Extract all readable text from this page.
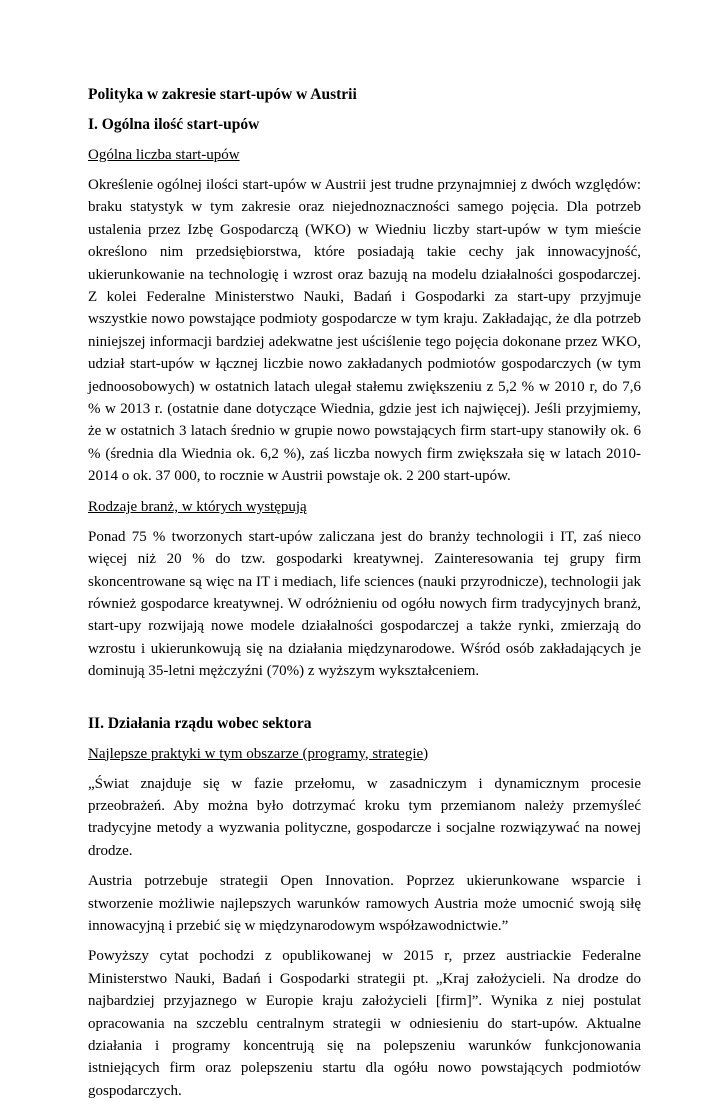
Polityka w zakresie start-upów w Austrii
I. Ogólna ilość start-upów
Ogólna liczba start-upów

Określenie ogólnej ilości start-upów w Austrii jest trudne przynajmniej z dwóch względów: braku statystyk w tym zakresie oraz niejednoznaczności samego pojęcia. Dla potrzeb ustalenia przez Izbę Gospodarczą (WKO) w Wiedniu liczby start-upów w tym mieście określono nim przedsiębiorstwa, które posiadają takie cechy jak innowacyjność, ukierunkowanie na technologię i wzrost oraz bazują na modelu działalności gospodarczej. Z kolei Federalne Ministerstwo Nauki, Badań i Gospodarki za start-upy przyjmuje wszystkie nowo powstające podmioty gospodarcze w tym kraju. Zakładając, że dla potrzeb niniejszej informacji bardziej adekwatne jest uściślenie tego pojęcia dokonane przez WKO, udział start-upów w łącznej liczbie nowo zakładanych podmiotów gospodarczych (w tym jednoosobowych) w ostatnich latach ulegał stałemu zwiększeniu z 5,2 % w 2010 r, do 7,6 % w 2013 r. (ostatnie dane dotyczące Wiednia, gdzie jest ich najwięcej). Jeśli przyjmiemy, że w ostatnich 3 latach średnio w grupie nowo powstających firm start-upy stanowiły ok. 6 % (średnia dla Wiednia ok. 6,2 %), zaś liczba nowych firm zwiększała się w latach 2010-2014 o ok. 37 000, to rocznie w Austrii powstaje ok. 2 200 start-upów.

Rodzaje branż, w których występują

Ponad 75 % tworzonych start-upów zaliczana jest do branży technologii i IT, zaś nieco więcej niż 20 % do tzw. gospodarki kreatywnej. Zainteresowania tej grupy firm skoncentrowane są więc na IT i mediach, life sciences (nauki przyrodnicze), technologii jak również gospodarce kreatywnej. W odróżnieniu od ogółu nowych firm tradycyjnych branż, start-upy rozwijają nowe modele działalności gospodarczej a także rynki, zmierzają do wzrostu i ukierunkowują się na działania międzynarodowe. Wśród osób zakładających je dominują 35-letni mężczyźni (70%) z wyższym wykształceniem.

II. Działania rządu wobec sektora
Najlepsze praktyki w tym obszarze (programy, strategie)

„Świat znajduje się w fazie przełomu, w zasadniczym i dynamicznym procesie przeobrażeń. Aby można było dotrzymać kroku tym przemianom należy przemyśleć tradycyjne metody a wyzwania polityczne, gospodarcze i socjalne rozwiązywać na nowej drodze.

Austria potrzebuje strategii Open Innovation. Poprzez ukierunkowane wsparcie i stworzenie możliwie najlepszych warunków ramowych Austria może umocnić swoją siłę innowacyjną i przebić się w międzynarodowym współzawodnictwie.”

Powyższy cytat pochodzi z opublikowanej w 2015 r, przez austriackie Federalne Ministerstwo Nauki, Badań i Gospodarki strategii pt. „Kraj założycieli. Na drodze do najbardziej przyjaznego w Europie kraju założycieli [firm]”. Wynika z niej postulat opracowania na szczeblu centralnym strategii w odniesieniu do start-upów. Aktualne działania i programy koncentrują się na polepszeniu warunków funkcjonowania istniejących firm oraz polepszeniu startu dla ogółu nowo powstających podmiotów gospodarczych.
